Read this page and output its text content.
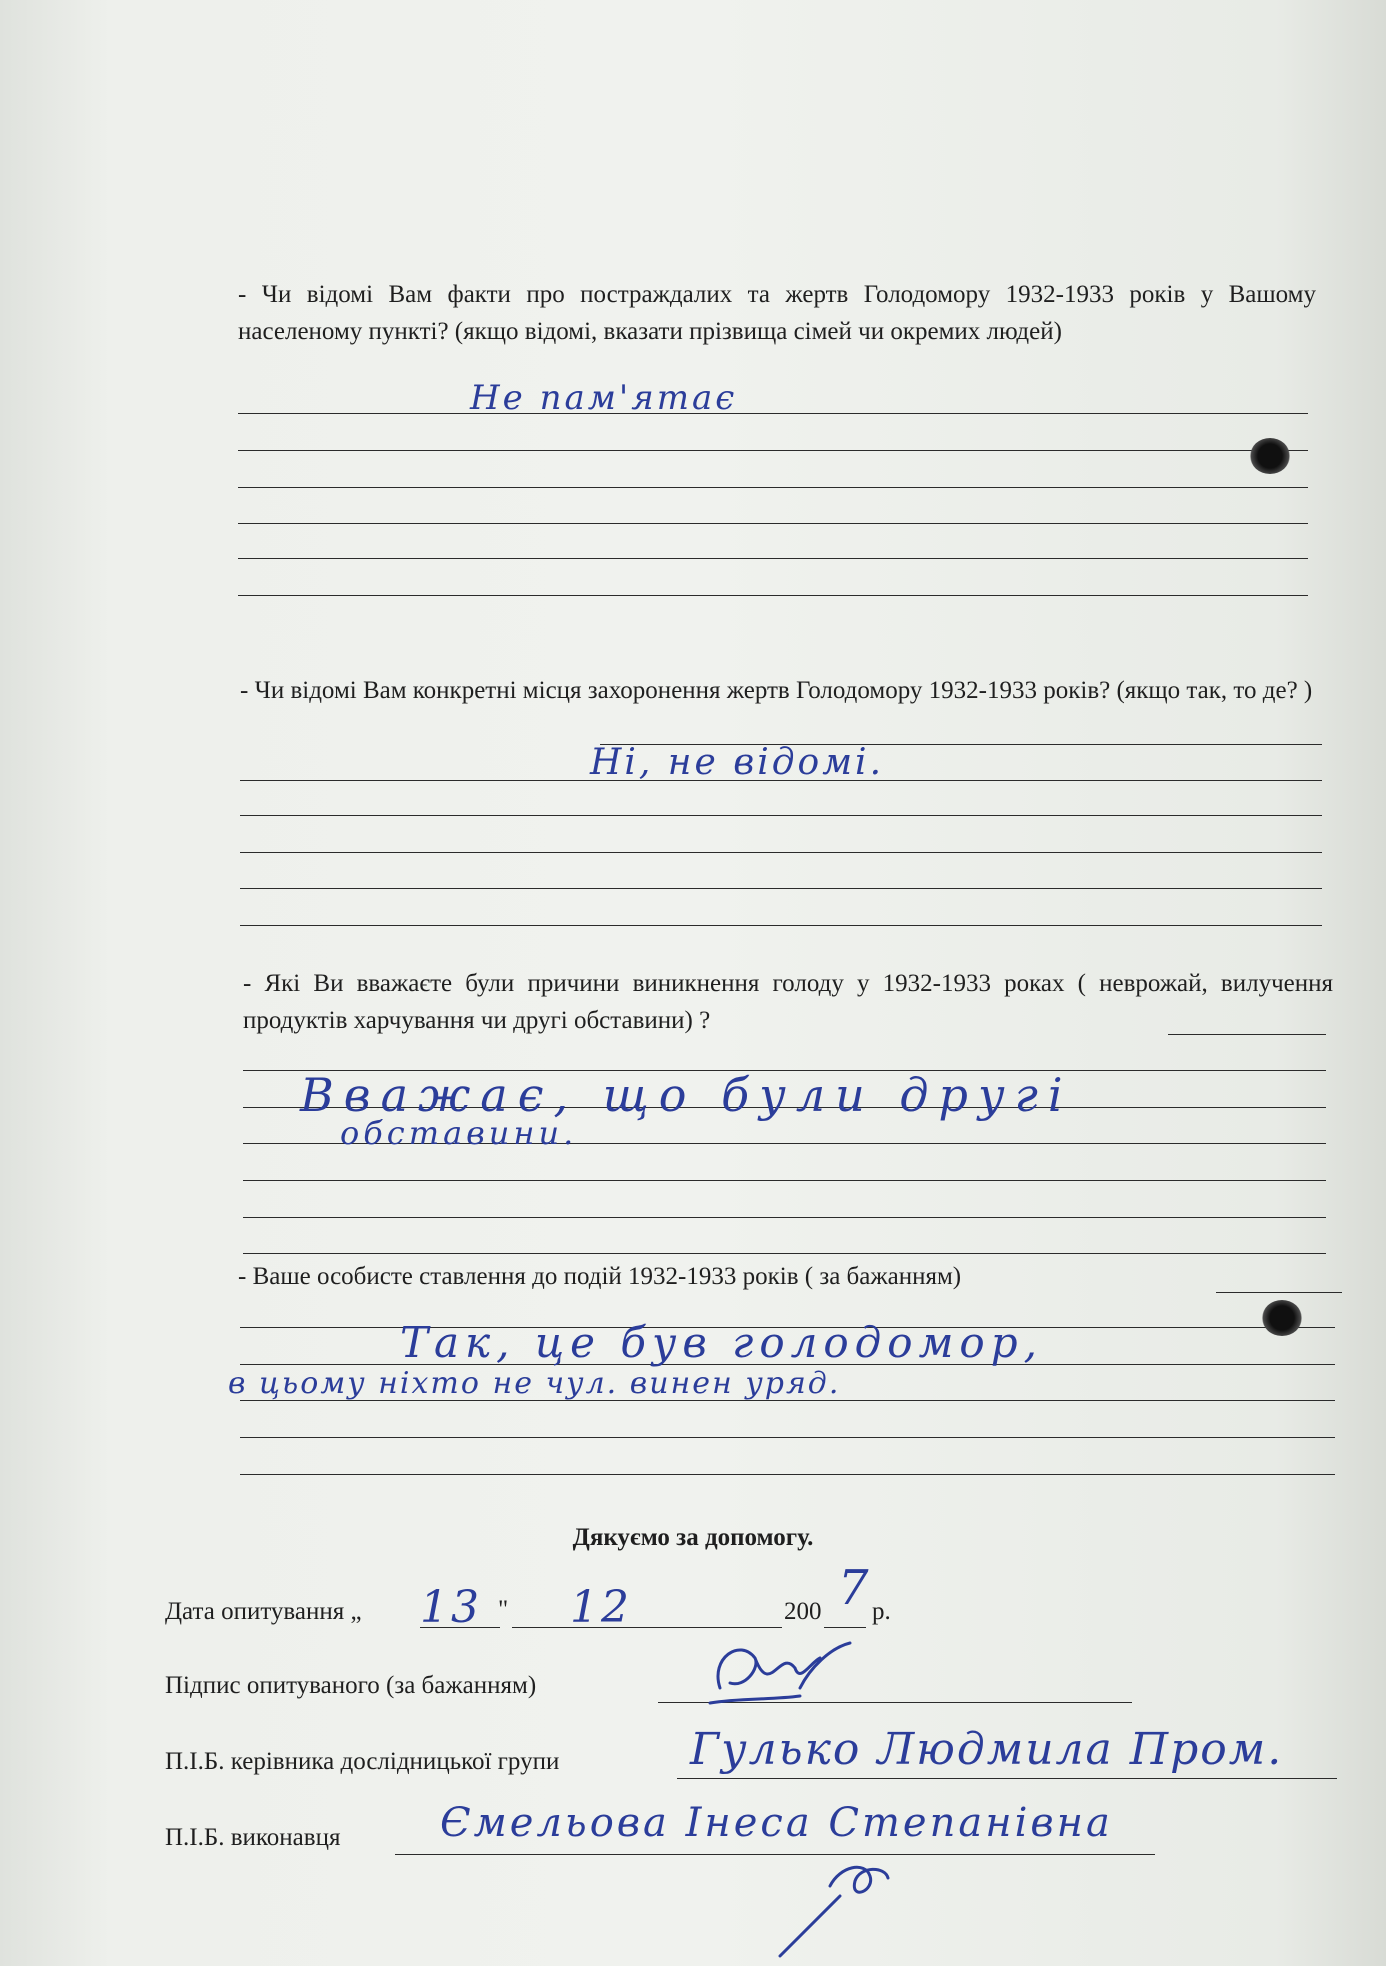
- Чи відомі Вам факти про постраждалих та жертв Голодомору 1932-1933 років у Вашому населеному пункті? (якщо відомі, вказати прізвища сімей чи окремих людей)

Не пам'ятає

- Чи відомі Вам конкретні місця захоронення жертв Голодомору 1932-1933 років? (якщо так, то де? )

Ні, не відомі.

- Які Ви вважаєте були причини виникнення голоду у 1932-1933 роках ( неврожай, вилучення продуктів харчування чи другі обставини) ?

Вважає, що були другі
обставини.

- Ваше особисте ставлення до подій 1932-1933 років ( за бажанням)

Так, це був голодомор,
в цьому ніхто не чул. винен уряд.
Дякуємо за допомогу.
Дата опитування „ 13 " 12	200 7 р.
Підпис опитуваного (за бажанням)
П.І.Б. керівника дослідницької групи	Гулько Людмила Пром.
П.І.Б. виконавця Ємельова Інеса Степанівна
